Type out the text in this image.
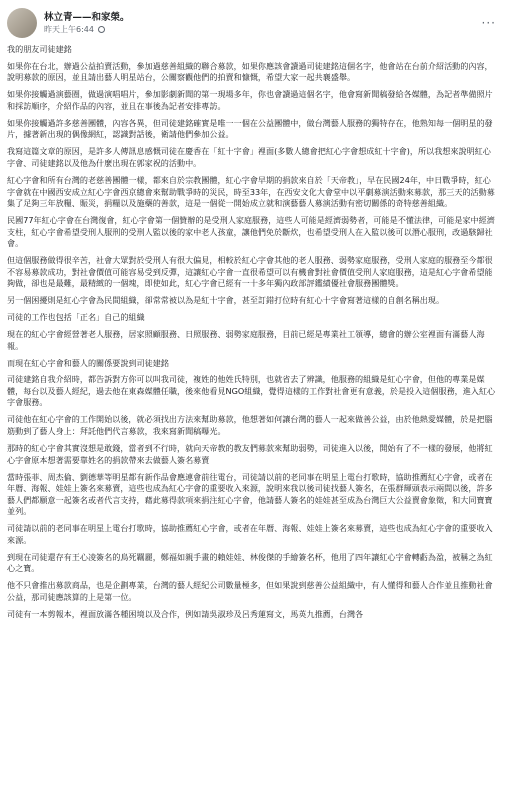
林立青——和家榮。
昨天上午6:44	···

我的朋友司徒建銘

如果你在台北，辦過公益拍賣活動，參加過慈善組織的聯合募款，如果你應該會讀過司徒建銘這個名字，他會站在台前介紹活動的內容，說明募款的原因，並且請出藝人明星站台，公關察觀他們的拍賣和慷慨，希望大家一起共襄盛舉。

如果你接觸過演藝圈，做過演唱唱片，參加影劇新聞的第一現場多年，你也會讀過這個名字，他會寫新聞稿發給各媒體，為記者準備照片和採訪順序，介紹作品的內容，並且在事後為記者安排專訪。

如果你接觸過許多慈善團體，內容各異，但司徒建銘確實是唯一一個在公益團體中，做台灣藝人服務的獨特存在，他熟知每一個明星的發片，據著新出現的偶像網紅，認識對話後，衛請他們參加公益。

我寫這篇文章的原因，是許多人傳訊息感慨司徒在慶香在「紅十字會」裡面(多數人總會把紅心字會想成紅十字會)，所以我想來說明紅心字會、司徒建銘以及他為什麼出現在郭家祝的活動中。

紅心字會和所有台灣的老慈善團體一樣，都來自於宗教團體，紅心字會早期的捐款來自於「天帝教」，早在民國24年，中日戰爭時，紅心字會就在中國西安成立紅心字會西京總會來幫助戰爭時的災民，時至33年，在西安文化大會堂中以平劇募演活動來募款，那三天的活動募集了足夠三年放糧、賑災，捐糧以及施藥的善款，這是一個從一開始成立就和演藝藝人募演活動有密切關係的奇特慈善組織。

民國77年紅心字會在台灣復會，紅心字會第一個贊辦的是受刑人家庭服務，這些人可能是經濟弱勢者，可能是不懂法律，可能是家中經濟支柱，紅心字會希望受刑人服刑的受刑人監以後的家中老人孩童，讓他們免於斷炊，也希望受刑人在入監以後可以潛心服刑，改過駭歸社會。

但這個服務做得很辛苦，社會大眾對於受刑人有很大偏見，相較於紅心字會其他的老人服務、弱勢家庭服務，受刑人家庭的服務至今都很不容易募款成功，對社會價值可能容易受到反彈，這讓紅心字會一直很希望可以有機會對社會價值受刑人家庭服務，這是紅心字會希望能夠做，卻也是最難，最精緻的一個塊，即使如此，紅心字會已經有一十多年獨內政部評鑑績優社會服務團體獎。

另一個困擾則是紅心字會為民間組織，卻常常被以為是紅十字會，甚至訂錯打位時有紅心十字會寫著這樣的自創名稱出現。

司徒的工作也包括「正名」自己的組織

現在的紅心字會經營著老人服務，居家照顧服務、日照服務、弱勢家庭服務，目前已經是專業社工領導，總會的辦公室裡面有滿藝人海報。

而現在紅心字會和藝人的關係要說到司徒建銘

司徒建銘自我介紹時，都告訴對方你可以叫我司徒，複姓的他姓氏特別，也就省去了辨識，他服務的組織是紅心字會，但他的專業是媒體，每台以及藝人經紀，過去他在東森媒體任職，後來他看見NGO組織，覺得這樣的工作對社會更有意義，於是投入這個服務，進入紅心字會服務。

司徒他在紅心字會的工作開始以後，就必須找出方法來幫助募款，他想著如何讓台灣的藝人一起來做善公益，由於他熱愛媒體，於是把腦筋動到了藝人身上：拜託他們代言募款，我來寫新聞稿曝光。

那時的紅心字會其實沒想是敢錢，當者到不行時，就向天帝教的教友們募款來幫助弱勢，司徒進入以後，開始有了不一樣的發展，他將紅心字會原本想著需要靠姓名的捐款帶來去做藝人簽名募賣

當時張菲、周杰倫、劉德華等明星都有新作品會應連會前往電台，司徒請以前的老同事在明星上電台打歌時，協助推薦紅心字會，或者在年曆、海報、娃娃上簽名來募賣，這些也成為紅心字會的重要收入來源，說明來我以後司徒找藝人簽名，在張群輝頭表示兩間以後，許多藝人們都願意一起簽名或者代言支持，藉此募得款項來捐注紅心字會，他請藝人簽名的娃娃甚至成為台灣巨大公益賣會象徵，和大同寶寶並列。

司徒請以前的老同事在明星上電台打歌時，協助推薦紅心字會，或者在年曆、海報、娃娃上簽名來募賣，這些也成為紅心字會的重要收入來源。

到現在司徒還存有王心凌簽名的鳥死羈麗，鄭福如親手畫的賴娃娃、林俊傑的手繪簽名杯，他用了四年讓紅心字會轉虧為盈，被稱之為紅心之寶。

他不只會推出募款商品，也是企劃專業，台灣的藝人經紀公司數量極多，但如果說到慈善公益組織中，有人懂得和藝人合作並且推動社會公益，那司徒應該算的上是第一位。

司徒有一本剪報本，裡面放滿各種困境以及合作，例如請吳淑珍及呂秀蓮寫文，馬英九推薦，台灣各
